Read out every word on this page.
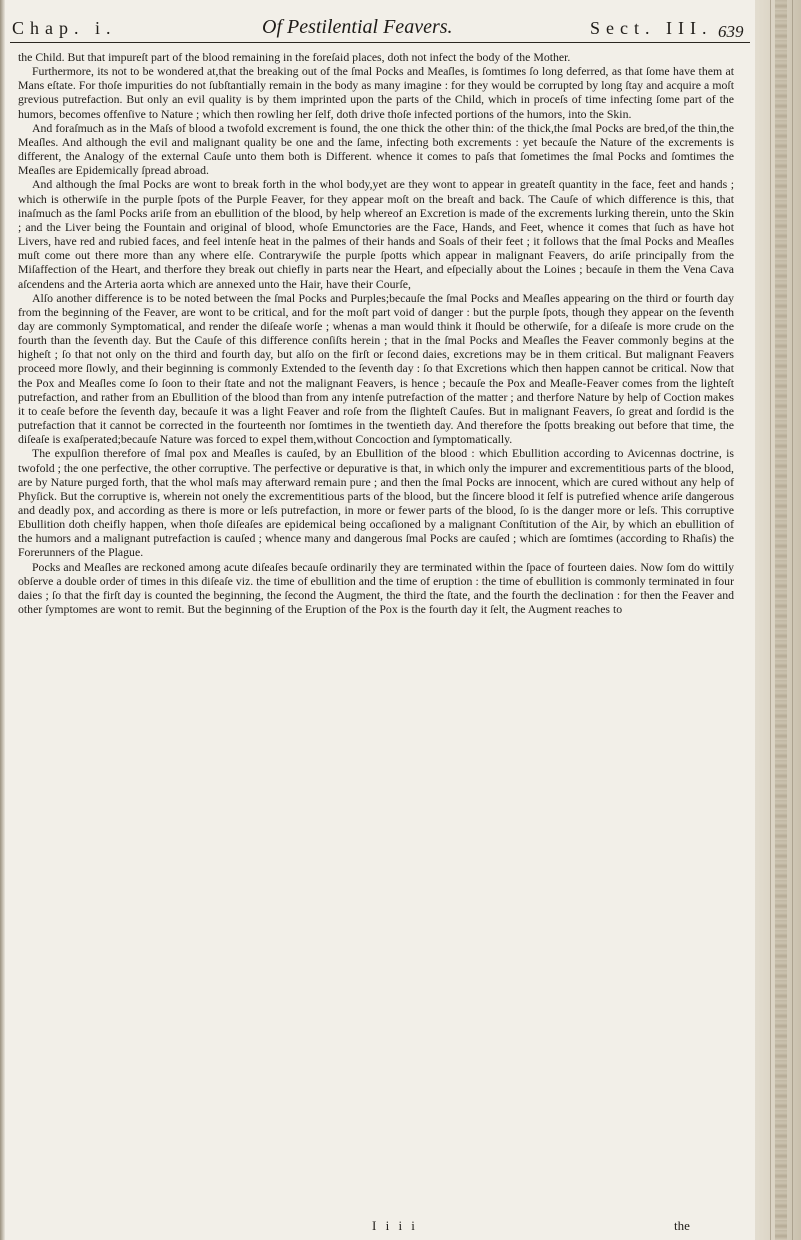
Chap. i.	Of Pestilential Feavers.	Sect. III. 639

the Child. But that impureſt part of the blood remaining in the foreſaid places, doth not infect the body of the Mother.

Furthermore, its not to be wondered at,that the breaking out of the ſmal Pocks and Meaſles, is ſomtimes ſo long deferred, as that ſome have them at Mans eſtate. For thoſe impurities do not ſubſtantially remain in the body as many imagine : for they would be corrupted by long ſtay and acquire a moſt grevious putrefaction. But only an evil quality is by them imprinted upon the parts of the Child, which in proceſs of time infecting ſome part of the humors, becomes offenſive to Nature ; which then rowling her ſelf, doth drive thoſe infected portions of the humors, into the Skin.

And foraſmuch as in the Maſs of blood a twofold excrement is found, the one thick the other thin: of the thick,the ſmal Pocks are bred,of the thin,the Meaſles. And although the evil and malignant quality be one and the ſame, infecting both excrements : yet becauſe the Nature of the excrements is different, the Analogy of the external Cauſe unto them both is Different. whence it comes to paſs that ſometimes the ſmal Pocks and ſomtimes the Meaſles are Epidemically ſpread abroad.

And although the ſmal Pocks are wont to break forth in the whol body,yet are they wont to appear in greateſt quantity in the face, feet and hands ; which is otherwiſe in the purple ſpots of the Purple Feaver, for they appear moſt on the breaſt and back. The Cauſe of which difference is this, that inaſmuch as the ſaml Pocks ariſe from an ebullition of the blood, by help whereof an Excretion is made of the excrements lurking therein, unto the Skin ; and the Liver being the Fountain and original of blood, whoſe Emunctories are the Face, Hands, and Feet, whence it comes that ſuch as have hot Livers, have red and rubied faces, and feel intenſe heat in the palmes of their hands and Soals of their feet ; it follows that the ſmal Pocks and Meaſles muſt come out there more than any where elſe. Contrarywiſe the purple ſpotts which appear in malignant Feavers, do ariſe principally from the Miſaffection of the Heart, and therfore they break out chiefly in parts near the Heart, and eſpecially about the Loines ; becauſe in them the Vena Cava aſcendens and the Arteria aorta which are annexed unto the Hair, have their Courſe,

Alſo another difference is to be noted between the ſmal Pocks and Purples;becauſe the ſmal Pocks and Meaſles appearing on the third or fourth day from the beginning of the Feaver, are wont to be critical, and for the moſt part void of danger : but the purple ſpots, though they appear on the ſeventh day are commonly Symptomatical, and render the diſeaſe worſe ; whenas a man would think it ſhould be otherwiſe, for a diſeaſe is more crude on the fourth than the ſeventh day. But the Cauſe of this difference conſiſts herein ; that in the ſmal Pocks and Meaſles the Feaver commonly begins at the higheſt ; ſo that not only on the third and fourth day, but alſo on the firſt or ſecond daies, excretions may be in them critical. But malignant Feavers proceed more ſlowly, and their beginning is commonly Extended to the ſeventh day : ſo that Excretions which then happen cannot be critical. Now that the Pox and Meaſles come ſo ſoon to their ſtate and not the malignant Feavers, is hence ; becauſe the Pox and Meaſle-Feaver comes from the lighteſt putrefaction, and rather from an Ebullition of the blood than from any intenſe putrefaction of the matter ; and therfore Nature by help of Coction makes it to ceaſe before the ſeventh day, becauſe it was a light Feaver and roſe from the ſlighteſt Cauſes. But in malignant Feavers, ſo great and ſordid is the putrefaction that it cannot be corrected in the fourteenth nor ſomtimes in the twentieth day. And therefore the ſpotts breaking out before that time, the diſeaſe is exaſperated;becauſe Nature was forced to expel them,without Concoction and ſymptomatically.

The expulſion therefore of ſmal pox and Meaſles is cauſed, by an Ebullition of the blood : which Ebullition according to Avicennas doctrine, is twofold ; the one perfective, the other corruptive. The perfective or depurative is that, in which only the impurer and excrementitious parts of the blood, are by Nature purged forth, that the whol maſs may afterward remain pure ; and then the ſmal Pocks are innocent, which are cured without any help of Phyſick. But the corruptive is, wherein not onely the excrementitious parts of the blood, but the ſincere blood it ſelf is putrefied whence ariſe dangerous and deadly pox, and according as there is more or leſs putrefaction, in more or fewer parts of the blood, ſo is the danger more or leſs. This corruptive Ebullition doth cheifly happen, when thoſe diſeaſes are epidemical being occaſioned by a malignant Conſtitution of the Air, by which an ebullition of the humors and a malignant putrefaction is cauſed ; whence many and dangerous ſmal Pocks are cauſed ; which are ſomtimes (according to Rhaſis) the Forerunners of the Plague.

Pocks and Meaſles are reckoned among acute diſeaſes becauſe ordinarily they are terminated within the ſpace of fourteen daies. Now ſom do wittily obſerve a double order of times in this diſeaſe viz. the time of ebullition and the time of eruption : the time of ebullition is commonly terminated in four daies ; ſo that the firſt day is counted the beginning, the ſecond the Augment, the third the ſtate, and the fourth the declination : for then the Feaver and other ſymptomes are wont to remit. But the beginning of the Eruption of the Pox is the fourth day it ſelt, the Augment reaches to

I i i i	the
